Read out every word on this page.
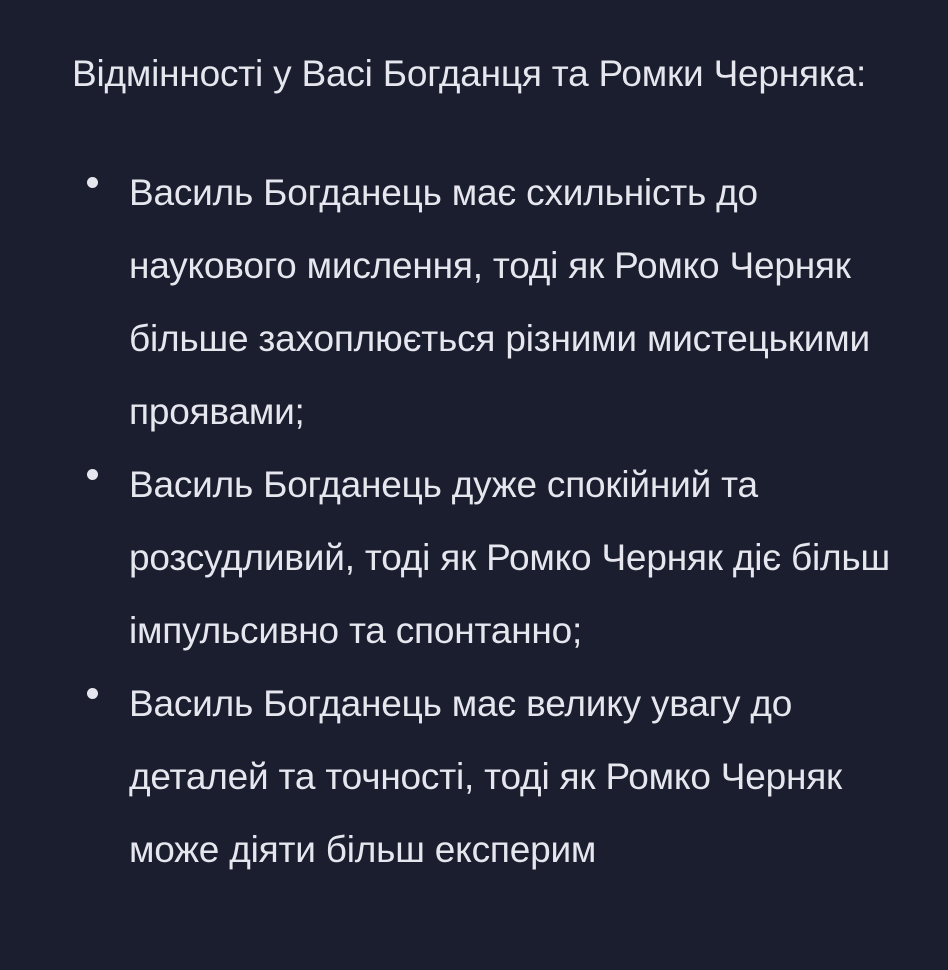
Відмінності у Васі Богданця та Ромки Черняка:

Василь Богданець має схильність до наукового мислення, тоді як Ромко Черняк більше захоплюється різними мистецькими проявами;
Василь Богданець дуже спокійний та розсудливий, тоді як Ромко Черняк діє більш імпульсивно та спонтанно;
Василь Богданець має велику увагу до деталей та точності, тоді як Ромко Черняк може діяти більш експерим
